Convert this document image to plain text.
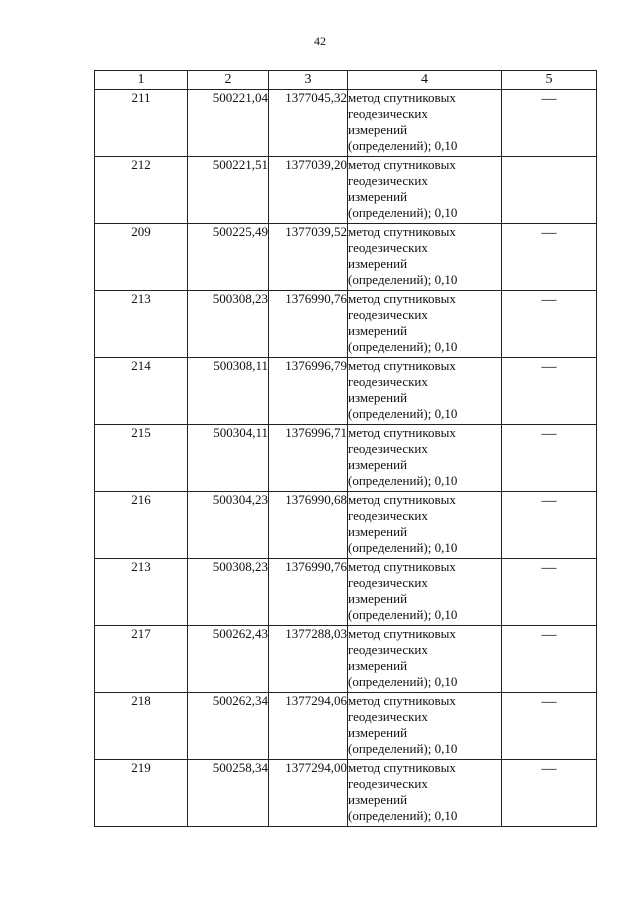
42
1	2	3	4	5
211	500221,04	1377045,32	метод спутниковых
геодезических
измерений
(определений); 0,10	—
212	500221,51	1377039,20	метод спутниковых
геодезических
измерений
(определений); 0,10	

209	500225,49	1377039,52	метод спутниковых
геодезических
измерений
(определений); 0,10	—
213	500308,23	1376990,76	метод спутниковых
геодезических
измерений
(определений); 0,10	—
214	500308,11	1376996,79	метод спутниковых
геодезических
измерений
(определений); 0,10	—
215	500304,11	1376996,71	метод спутниковых
геодезических
измерений
(определений); 0,10	—
216	500304,23	1376990,68	метод спутниковых
геодезических
измерений
(определений); 0,10	—
213	500308,23	1376990,76	метод спутниковых
геодезических
измерений
(определений); 0,10	—
217	500262,43	1377288,03	метод спутниковых
геодезических
измерений
(определений); 0,10	—
218	500262,34	1377294,06	метод спутниковых
геодезических
измерений
(определений); 0,10	—
219	500258,34	1377294,00	метод спутниковых
геодезических
измерений
(определений); 0,10	—
